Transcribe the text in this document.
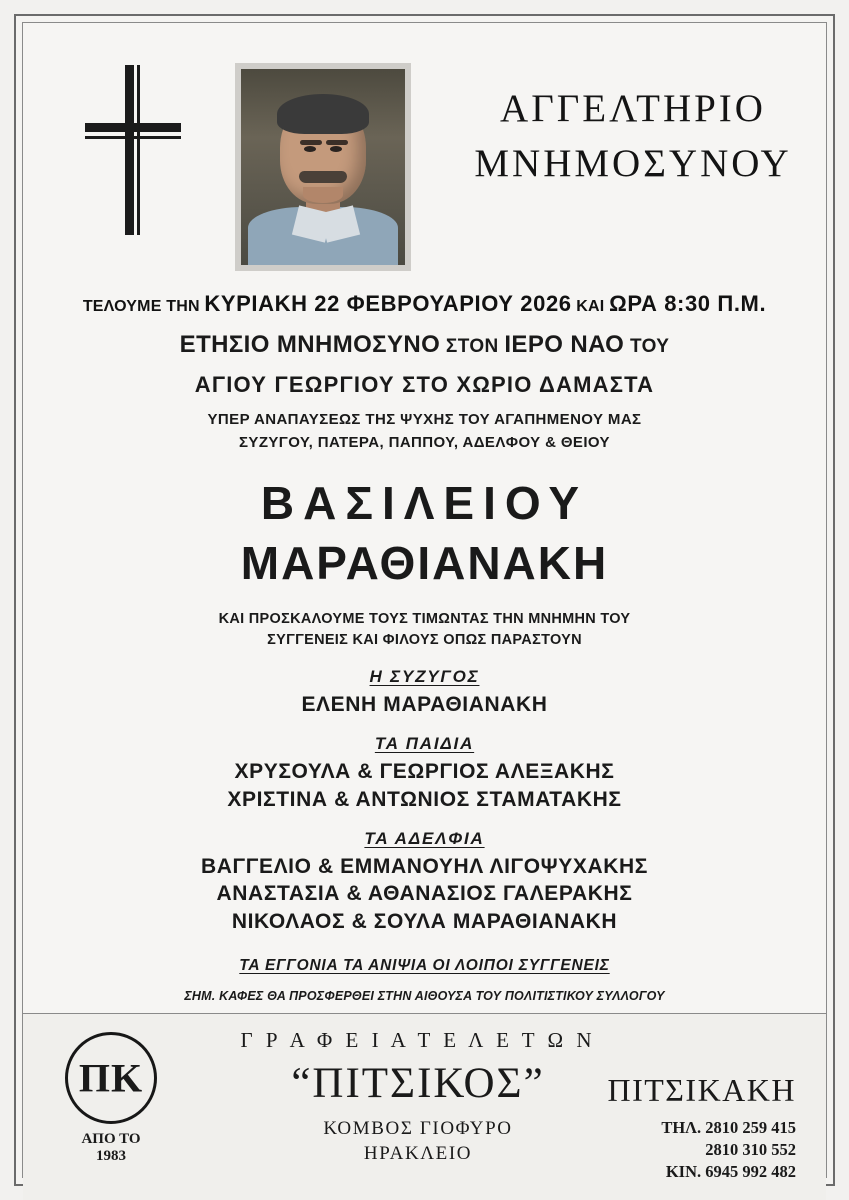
ΑΓΓΕΛΤΗΡΙΟ
ΜΝΗΜΟΣΥΝΟΥ
ΤΕΛΟΥΜΕ ΤΗΝ ΚΥΡΙΑΚΗ 22 ΦΕΒΡΟΥΑΡΙΟΥ 2026 ΚΑΙ ΩΡΑ 8:30 Π.Μ.
ΕΤΗΣΙΟ ΜΝΗΜΟΣΥΝΟ ΣΤΟΝ ΙΕΡΟ ΝΑΟ ΤΟΥ
ΑΓΙΟΥ ΓΕΩΡΓΙΟΥ ΣΤΟ ΧΩΡΙΟ ΔΑΜΑΣΤΑ
ΥΠΕΡ ΑΝΑΠΑΥΣΕΩΣ ΤΗΣ ΨΥΧΗΣ ΤΟΥ ΑΓΑΠΗΜΕΝΟΥ ΜΑΣ
ΣΥΖΥΓΟΥ, ΠΑΤΕΡΑ, ΠΑΠΠΟΥ, ΑΔΕΛΦΟΥ & ΘΕΙΟΥ
ΒΑΣΙΛΕΙΟΥ
ΜΑΡΑΘΙΑΝΑΚΗ
ΚΑΙ ΠΡΟΣΚΑΛΟΥΜΕ ΤΟΥΣ ΤΙΜΩΝΤΑΣ ΤΗΝ ΜΝΗΜΗΝ ΤΟΥ
ΣΥΓΓΕΝΕΙΣ ΚΑΙ ΦΙΛΟΥΣ ΟΠΩΣ ΠΑΡΑΣΤΟΥΝ
Η ΣΥΖΥΓΟΣ
ΕΛΕΝΗ ΜΑΡΑΘΙΑΝΑΚΗ
ΤΑ ΠΑΙΔΙΑ
ΧΡΥΣΟΥΛΑ & ΓΕΩΡΓΙΟΣ ΑΛΕΞΑΚΗΣ
ΧΡΙΣΤΙΝΑ & ΑΝΤΩΝΙΟΣ ΣΤΑΜΑΤΑΚΗΣ
ΤΑ ΑΔΕΛΦΙΑ
ΒΑΓΓΕΛΙΟ & ΕΜΜΑΝΟΥΗΛ ΛΙΓΟΨΥΧΑΚΗΣ
ΑΝΑΣΤΑΣΙΑ & ΑΘΑΝΑΣΙΟΣ ΓΑΛΕΡΑΚΗΣ
ΝΙΚΟΛΑΟΣ & ΣΟΥΛΑ ΜΑΡΑΘΙΑΝΑΚΗ
ΤΑ ΕΓΓΟΝΙΑ ΤΑ ΑΝΙΨΙΑ ΟΙ ΛΟΙΠΟΙ ΣΥΓΓΕΝΕΙΣ
ΣΗΜ. ΚΑΦΕΣ ΘΑ ΠΡΟΣΦΕΡΘΕΙ ΣΤΗΝ ΑΙΘΟΥΣΑ ΤΟΥ ΠΟΛΙΤΙΣΤΙΚΟΥ ΣΥΛΛΟΓΟΥ
ΠΚ
ΑΠΟ ΤΟ
1983
Γ Ρ Α Φ Ε Ι Α Τ Ε Λ Ε Τ Ω Ν
“ΠΙΤΣΙΚΟΣ”
ΚΟΜΒΟΣ ΓΙΟΦΥΡΟ
ΗΡΑΚΛΕΙΟ
ΠΙΤΣΙΚΑΚΗ
ΤΗΛ. 2810 259 415
2810 310 552
ΚΙΝ. 6945 992 482
